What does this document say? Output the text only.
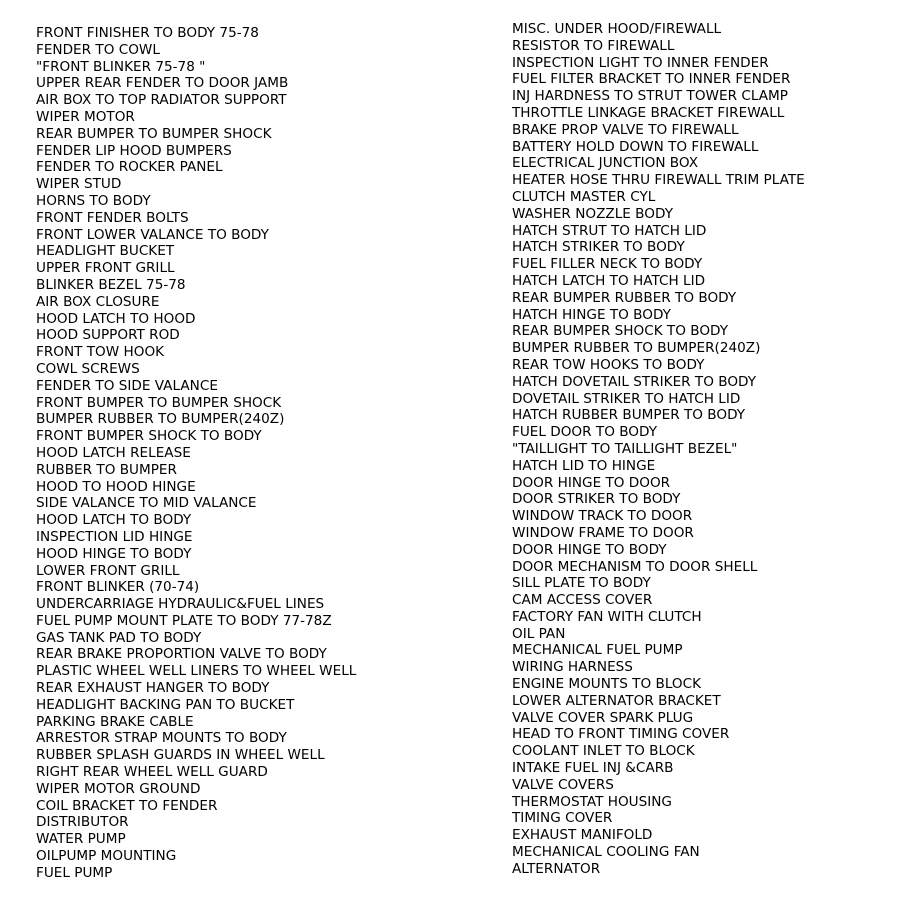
FRONT FINISHER TO BODY 75-78
FENDER TO COWL
"FRONT BLINKER 75-78 "
UPPER REAR FENDER TO DOOR JAMB
AIR BOX TO TOP RADIATOR SUPPORT
WIPER MOTOR
REAR BUMPER TO BUMPER SHOCK
FENDER LIP HOOD BUMPERS
FENDER TO ROCKER PANEL
WIPER STUD
HORNS TO BODY
FRONT FENDER BOLTS
FRONT LOWER VALANCE TO BODY
HEADLIGHT BUCKET
UPPER FRONT GRILL
BLINKER BEZEL 75-78
AIR BOX CLOSURE
HOOD LATCH TO HOOD
HOOD SUPPORT ROD
FRONT TOW HOOK
COWL SCREWS
FENDER TO SIDE VALANCE
FRONT BUMPER TO BUMPER SHOCK
BUMPER RUBBER TO BUMPER(240Z)
FRONT BUMPER SHOCK TO BODY
HOOD LATCH RELEASE
RUBBER TO BUMPER
HOOD TO HOOD HINGE
SIDE VALANCE TO MID VALANCE
HOOD LATCH TO BODY
INSPECTION LID HINGE
HOOD HINGE TO BODY
LOWER FRONT GRILL
FRONT BLINKER (70-74)
UNDERCARRIAGE HYDRAULIC&FUEL LINES
FUEL PUMP MOUNT PLATE TO BODY 77-78Z
GAS TANK PAD TO BODY
REAR BRAKE PROPORTION VALVE TO BODY
PLASTIC WHEEL WELL LINERS TO WHEEL WELL
REAR EXHAUST HANGER TO BODY
HEADLIGHT BACKING PAN TO BUCKET
PARKING BRAKE CABLE
ARRESTOR STRAP MOUNTS TO BODY
RUBBER SPLASH GUARDS IN WHEEL WELL
RIGHT REAR WHEEL WELL GUARD
WIPER MOTOR GROUND
COIL BRACKET TO FENDER
DISTRIBUTOR
WATER PUMP
OILPUMP MOUNTING
FUEL PUMP
MISC. UNDER HOOD/FIREWALL
RESISTOR TO FIREWALL
INSPECTION LIGHT TO INNER FENDER
FUEL FILTER BRACKET TO INNER FENDER
INJ HARDNESS TO STRUT TOWER CLAMP
THROTTLE LINKAGE BRACKET FIREWALL
BRAKE PROP VALVE TO FIREWALL
BATTERY HOLD DOWN TO FIREWALL
ELECTRICAL JUNCTION BOX
HEATER HOSE THRU FIREWALL TRIM PLATE
CLUTCH MASTER CYL
WASHER NOZZLE BODY
HATCH STRUT TO HATCH LID
HATCH STRIKER TO BODY
FUEL FILLER NECK TO BODY
HATCH LATCH TO HATCH LID
REAR BUMPER RUBBER TO BODY
HATCH HINGE TO BODY
REAR BUMPER SHOCK TO BODY
BUMPER RUBBER TO BUMPER(240Z)
REAR TOW HOOKS TO BODY
HATCH DOVETAIL STRIKER TO BODY
DOVETAIL STRIKER TO HATCH LID
HATCH RUBBER BUMPER TO BODY
FUEL DOOR TO BODY
"TAILLIGHT TO TAILLIGHT BEZEL"
HATCH LID TO HINGE
DOOR HINGE TO DOOR
DOOR STRIKER TO BODY
WINDOW TRACK TO DOOR
WINDOW FRAME TO DOOR
DOOR HINGE TO BODY
DOOR MECHANISM TO DOOR SHELL
SILL PLATE TO BODY
CAM ACCESS COVER
FACTORY FAN WITH CLUTCH
OIL PAN
MECHANICAL FUEL PUMP
WIRING HARNESS
ENGINE MOUNTS TO BLOCK
LOWER ALTERNATOR BRACKET
VALVE COVER SPARK PLUG
HEAD TO FRONT TIMING COVER
COOLANT INLET TO BLOCK
INTAKE FUEL INJ &CARB
VALVE COVERS
THERMOSTAT HOUSING
TIMING COVER
EXHAUST MANIFOLD
MECHANICAL COOLING FAN
ALTERNATOR
